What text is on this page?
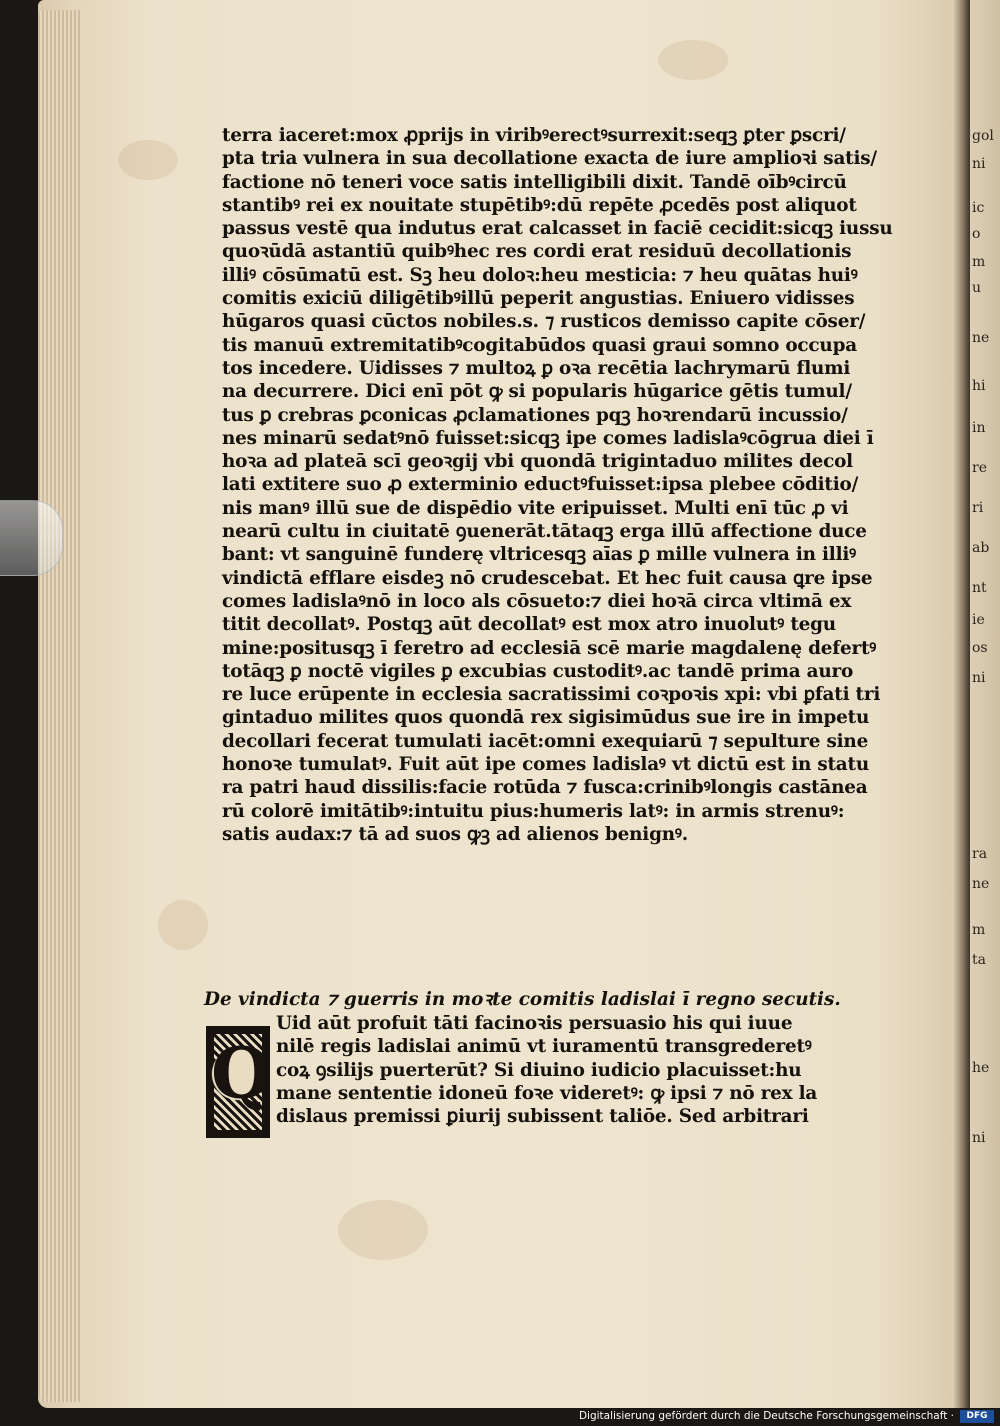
gol
ni
ic
o
m
u
ne
hi
in
re
ri
ab
nt
ie
os
ni
ra
ne
m
ta
he
ni
terra iaceret:mox ꝓprijs in viribꝰerectꝰsurrexit:seqꝫ ꝑter ꝑscri/
pta tria vulnera in sua decollatione exacta de iure amplioꝛi satis/
factione nō teneri voce satis intelligibili dixit. Tandē oībꝰcircū
stantibꝰ rei ex nouitate stupētibꝰ:dū repēte ꝓcedēs post aliquot
passus vestē qua indutus erat calcasset in faciē cecidit:sicqꝫ iussu
quoꝛūdā astantiū quibꝰhec res cordi erat residuū decollationis
illiꝰ cōsūmatū est. Sꝫ heu doloꝛ:heu mesticia: ⁊ heu quātas huiꝰ
comitis exiciū diligētibꝰillū peperit angustias. Eniuero vidisses
hūgaros quasi cūctos nobiles.s. ⁊ rusticos demisso capite cōser/
tis manuū extremitatibꝰcogitabūdos quasi graui somno occupa
tos incedere. Uidisses ⁊ multoꝝ ꝑ oꝛa recētia lachrymarū flumi
na decurrere. Dici enī pōt ꝙ si popularis hūgarice gētis tumul/
tus ꝑ crebras ꝑconicas ꝓclamationes pqꝫ hoꝛrendarū incussio/
nes minarū sedatꝰnō fuisset:sicqꝫ ipe comes ladislaꝰcōgrua diei ī
hoꝛa ad plateā scī geoꝛgij vbi quondā trigintaduo milites decol
lati extitere suo ꝓ exterminio eductꝰfuisset:ipsa plebee cōditio/
nis manꝰ illū sue de dispēdio vite eripuisset. Multi enī tūc ꝓ vi
nearū cultu in ciuitatē ꝯuenerāt.tātaqꝫ erga illū affectione duce
bant: vt sanguinē funderę vltricesqꝫ aīas ꝑ mille vulnera in illiꝰ
vindictā efflare eisdeꝫ nō crudescebat. Et hec fuit causa ꝗre ipse
comes ladislaꝰnō in loco als cōsueto:⁊ diei hoꝛā circa vltimā ex
titit decollatꝰ. Postqꝫ aūt decollatꝰ est mox atro inuolutꝰ tegu
mine:positusqꝫ ī feretro ad ecclesiā scē marie magdalenę defertꝰ
totāqꝫ ꝑ noctē vigiles ꝑ excubias custoditꝰ.ac tandē prima auro
re luce erūpente in ecclesia sacratissimi coꝛpoꝛis xpi: vbi ꝑfati tri
gintaduo milites quos quondā rex sigisimūdus sue ire in impetu
decollari fecerat tumulati iacēt:omni exequiarū ⁊ sepulture sine
honoꝛe tumulatꝰ. Fuit aūt ipe comes ladislaꝰ vt dictū est in statu
ra patri haud dissilis:facie rotūda ⁊ fusca:crinibꝰlongis castānea
rū colorē imitātibꝰ:intuitu pius:humeris latꝰ: in armis strenuꝰ:
satis audax:⁊ tā ad suos ꝙꝫ ad alienos benignꝰ.
De vindicta ⁊ guerris in moꝛte comitis ladislai ī regno secutis.
Q
Uid aūt profuit tāti facinoꝛis persuasio his qui iuue
nilē regis ladislai animū vt iuramentū transgrederetꝰ
coꝝ ꝯsilijs puerterūt? Si diuino iudicio placuisset:hu
mane sententie idoneū foꝛe videretꝰ: ꝙ ipsi ⁊ nō rex la
dislaus premissi ꝑiurij subissent taliōe. Sed arbitrari
Digitalisierung gefördert durch die Deutsche Forschungsgemeinschaft ·	DFG
